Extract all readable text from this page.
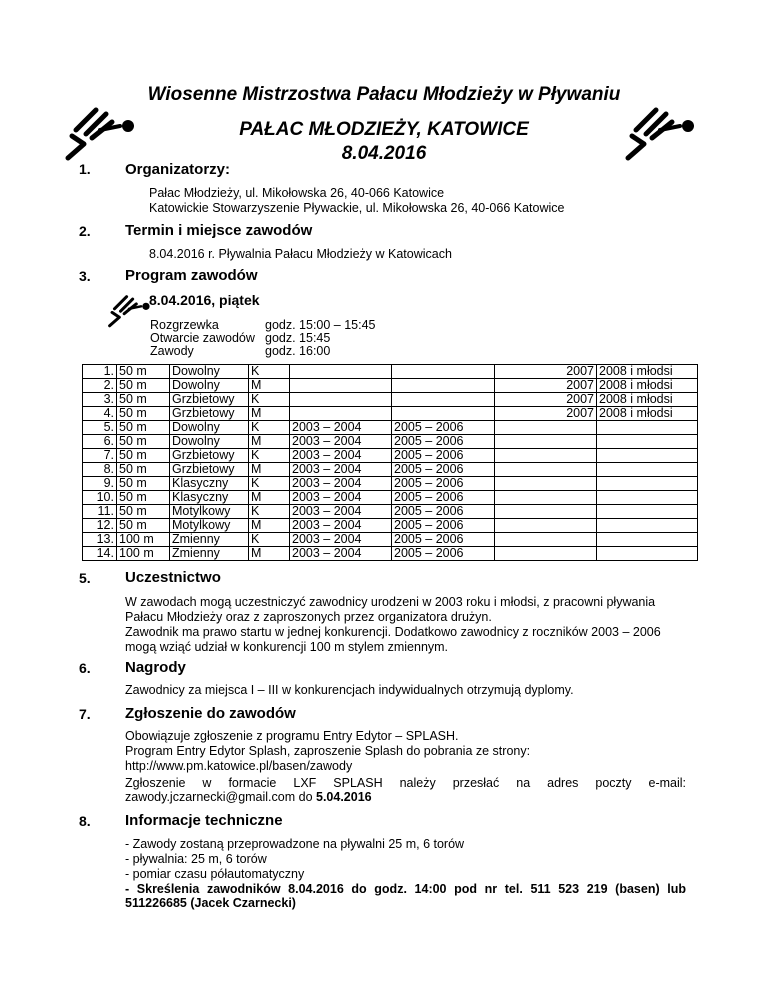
Wiosenne Mistrzostwa Pałacu Młodzieży w Pływaniu
PAŁAC MŁODZIEŻY, KATOWICE
8.04.2016
1. Organizatorzy:

Pałac Młodzieży, ul. Mikołowska 26, 40-066 Katowice

Katowickie Stowarzyszenie Pływackie, ul. Mikołowska 26, 40-066 Katowice

2. Termin i miejsce zawodów

8.04.2016 r. Pływalnia Pałacu Młodzieży w Katowicach

3. Program zawodów
8.04.2016, piątek
Rozgrzewka	godz. 15:00 – 15:45
Otwarcie zawodów godz. 15:45
Zawody	godz. 16:00
1.	50 m	Dowolny	K			2007	2008 i młodsi
2.	50 m	Dowolny	M			2007	2008 i młodsi
3.	50 m	Grzbietowy	K			2007	2008 i młodsi
4.	50 m	Grzbietowy	M			2007	2008 i młodsi
5.	50 m	Dowolny	K	2003 – 2004	2005 – 2006		
6.	50 m	Dowolny	M	2003 – 2004	2005 – 2006		
7.	50 m	Grzbietowy	K	2003 – 2004	2005 – 2006		
8.	50 m	Grzbietowy	M	2003 – 2004	2005 – 2006		
9.	50 m	Klasyczny	K	2003 – 2004	2005 – 2006		
10.	50 m	Klasyczny	M	2003 – 2004	2005 – 2006		
11.	50 m	Motylkowy	K	2003 – 2004	2005 – 2006		
12.	50 m	Motylkowy	M	2003 – 2004	2005 – 2006		
13.	100 m	Zmienny	K	2003 – 2004	2005 – 2006		
14.	100 m	Zmienny	M	2003 – 2004	2005 – 2006		
5. Uczestnictwo

W zawodach mogą uczestniczyć zawodnicy urodzeni w 2003 roku i młodsi, z pracowni pływania

Pałacu Młodzieży oraz z zaproszonych przez organizatora drużyn.

Zawodnik ma prawo startu w jednej konkurencji. Dodatkowo zawodnicy z roczników 2003 – 2006

mogą wziąć udział w konkurencji 100 m stylem zmiennym.

6. Nagrody

Zawodnicy za miejsca I – III w konkurencjach indywidualnych otrzymują dyplomy.

7. Zgłoszenie do zawodów

Obowiązuje zgłoszenie z programu Entry Edytor – SPLASH.

Program Entry Edytor Splash, zaproszenie Splash do pobrania ze strony:

http://www.pm.katowice.pl/basen/zawody

Zgłoszenie w formacie LXF SPLASH należy przesłać na adres poczty e-mail:
zawody.jczarnecki@gmail.com do 5.04.2016
8. Informacje techniczne

- Zawody zostaną przeprowadzone na pływalni 25 m, 6 torów

- pływalnia: 25 m, 6 torów

- pomiar czasu półautomatyczny

- Skreślenia zawodników 8.04.2016 do godz. 14:00 pod nr tel. 511 523 219 (basen) lub
511226685 (Jacek Czarnecki)
